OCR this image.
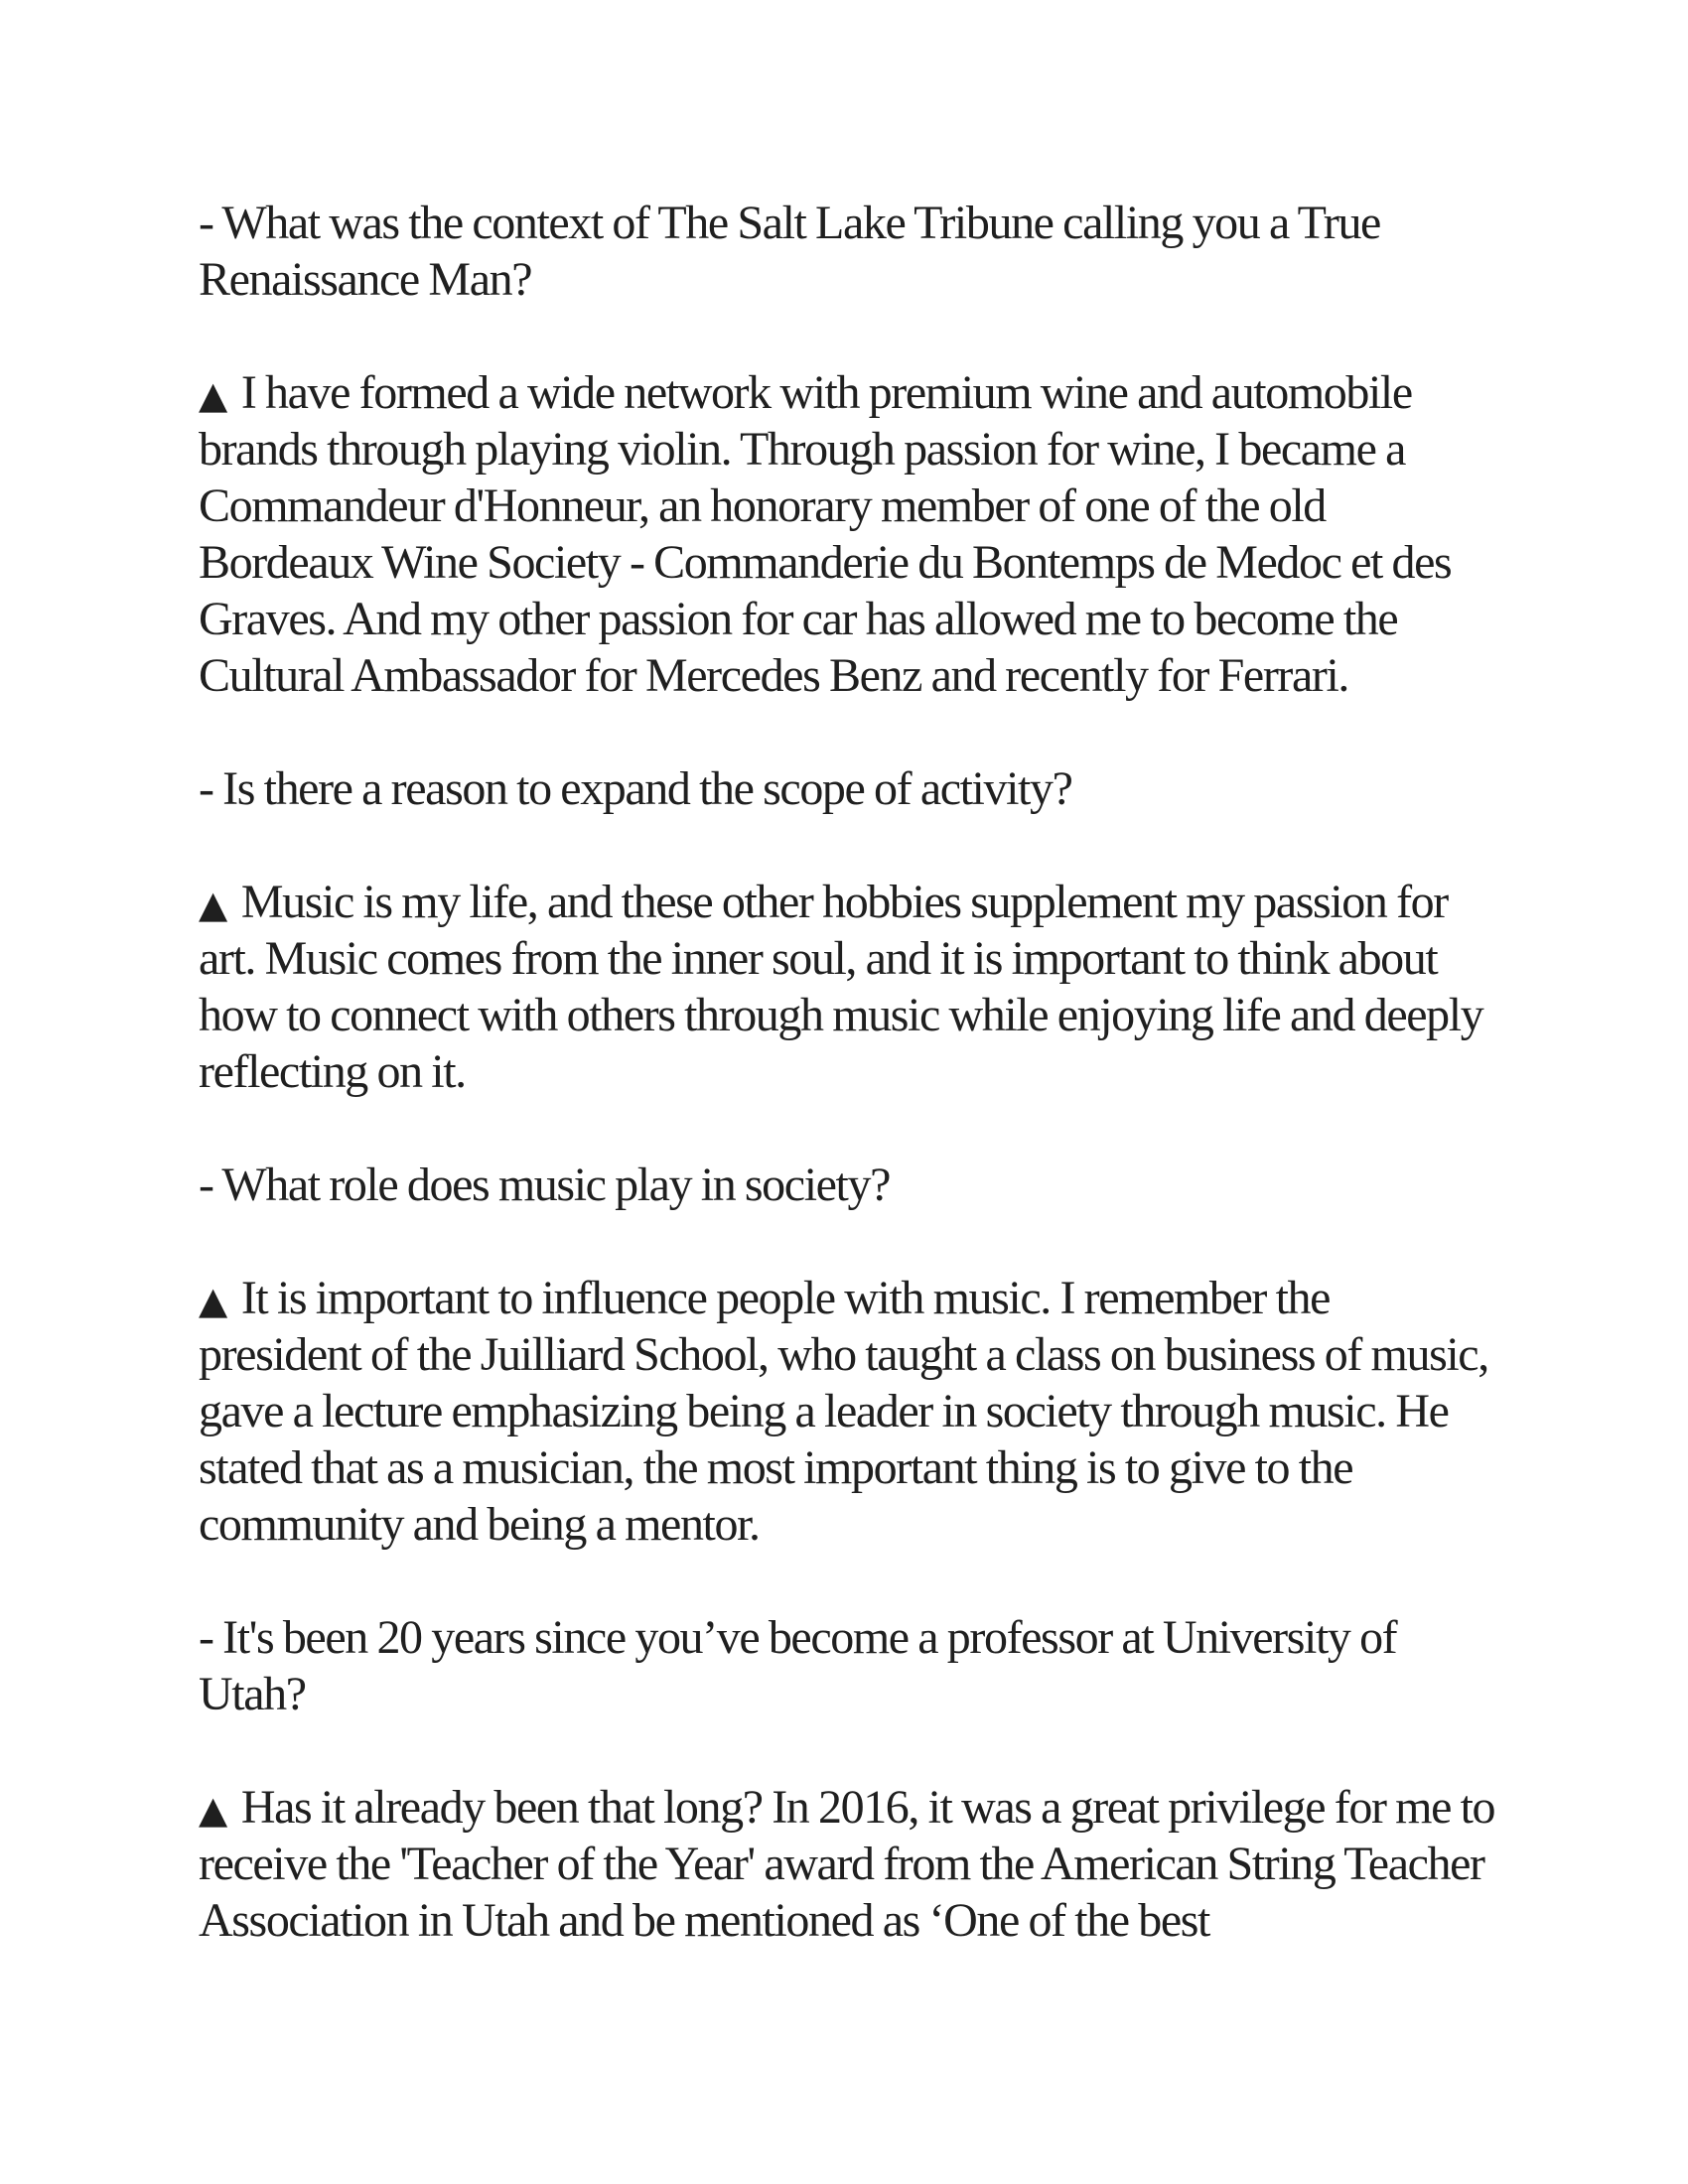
- What was the context of The Salt Lake Tribune calling you a True Renaissance Man?

▲ I have formed a wide network with premium wine and automobile brands through playing violin. Through passion for wine, I became a Commandeur d'Honneur, an honorary member of one of the old Bordeaux Wine Society - Commanderie du Bontemps de Medoc et des Graves. And my other passion for car has allowed me to become the Cultural Ambassador for Mercedes Benz and recently for Ferrari.

- Is there a reason to expand the scope of activity?

▲ Music is my life, and these other hobbies supplement my passion for art. Music comes from the inner soul, and it is important to think about how to connect with others through music while enjoying life and deeply reflecting on it.

- What role does music play in society?

▲ It is important to influence people with music. I remember the president of the Juilliard School, who taught a class on business of music, gave a lecture emphasizing being a leader in society through music. He stated that as a musician, the most important thing is to give to the community and being a mentor.

- It's been 20 years since you’ve become a professor at University of Utah?

▲ Has it already been that long? In 2016, it was a great privilege for me to receive the 'Teacher of the Year' award from the American String Teacher Association in Utah and be mentioned as ‘One of the best
